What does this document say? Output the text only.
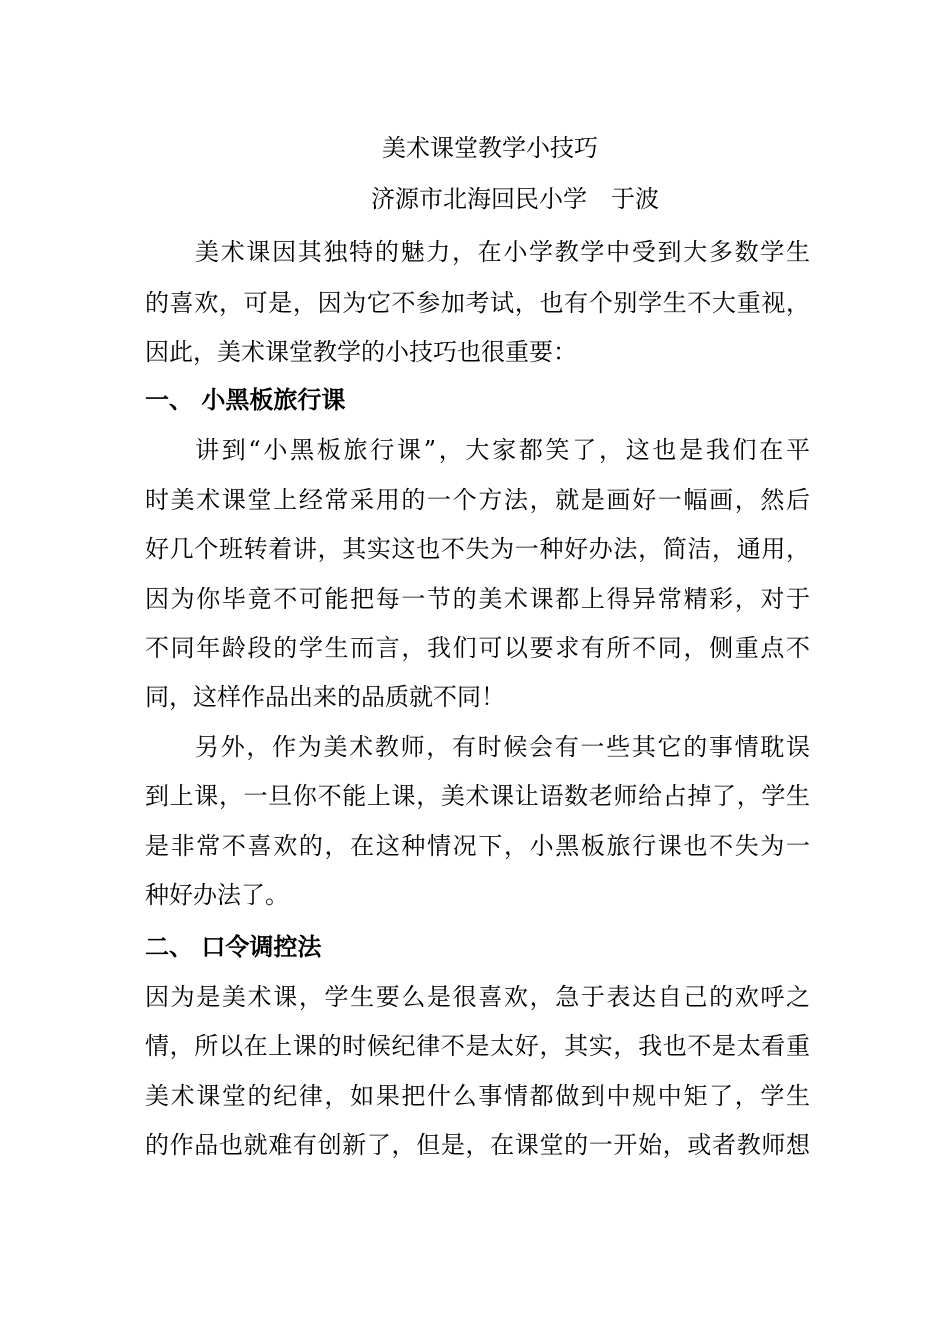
美术课堂教学小技巧
济源市北海回民小学　于波
美术课因其独特的魅力，在小学教学中受到大多数学生
的喜欢，可是，因为它不参加考试，也有个别学生不大重视，
因此，美术课堂教学的小技巧也很重要：
一、 小黑板旅行课
讲到“小黑板旅行课”，大家都笑了，这也是我们在平
时美术课堂上经常采用的一个方法，就是画好一幅画，然后
好几个班转着讲，其实这也不失为一种好办法，简洁，通用，
因为你毕竟不可能把每一节的美术课都上得异常精彩，对于
不同年龄段的学生而言，我们可以要求有所不同，侧重点不
同，这样作品出来的品质就不同！
另外，作为美术教师，有时候会有一些其它的事情耽误
到上课，一旦你不能上课，美术课让语数老师给占掉了，学生
是非常不喜欢的，在这种情况下，小黑板旅行课也不失为一
种好办法了。
二、 口令调控法
因为是美术课，学生要么是很喜欢，急于表达自己的欢呼之
情，所以在上课的时候纪律不是太好，其实，我也不是太看重
美术课堂的纪律，如果把什么事情都做到中规中矩了，学生
的作品也就难有创新了，但是，在课堂的一开始，或者教师想
